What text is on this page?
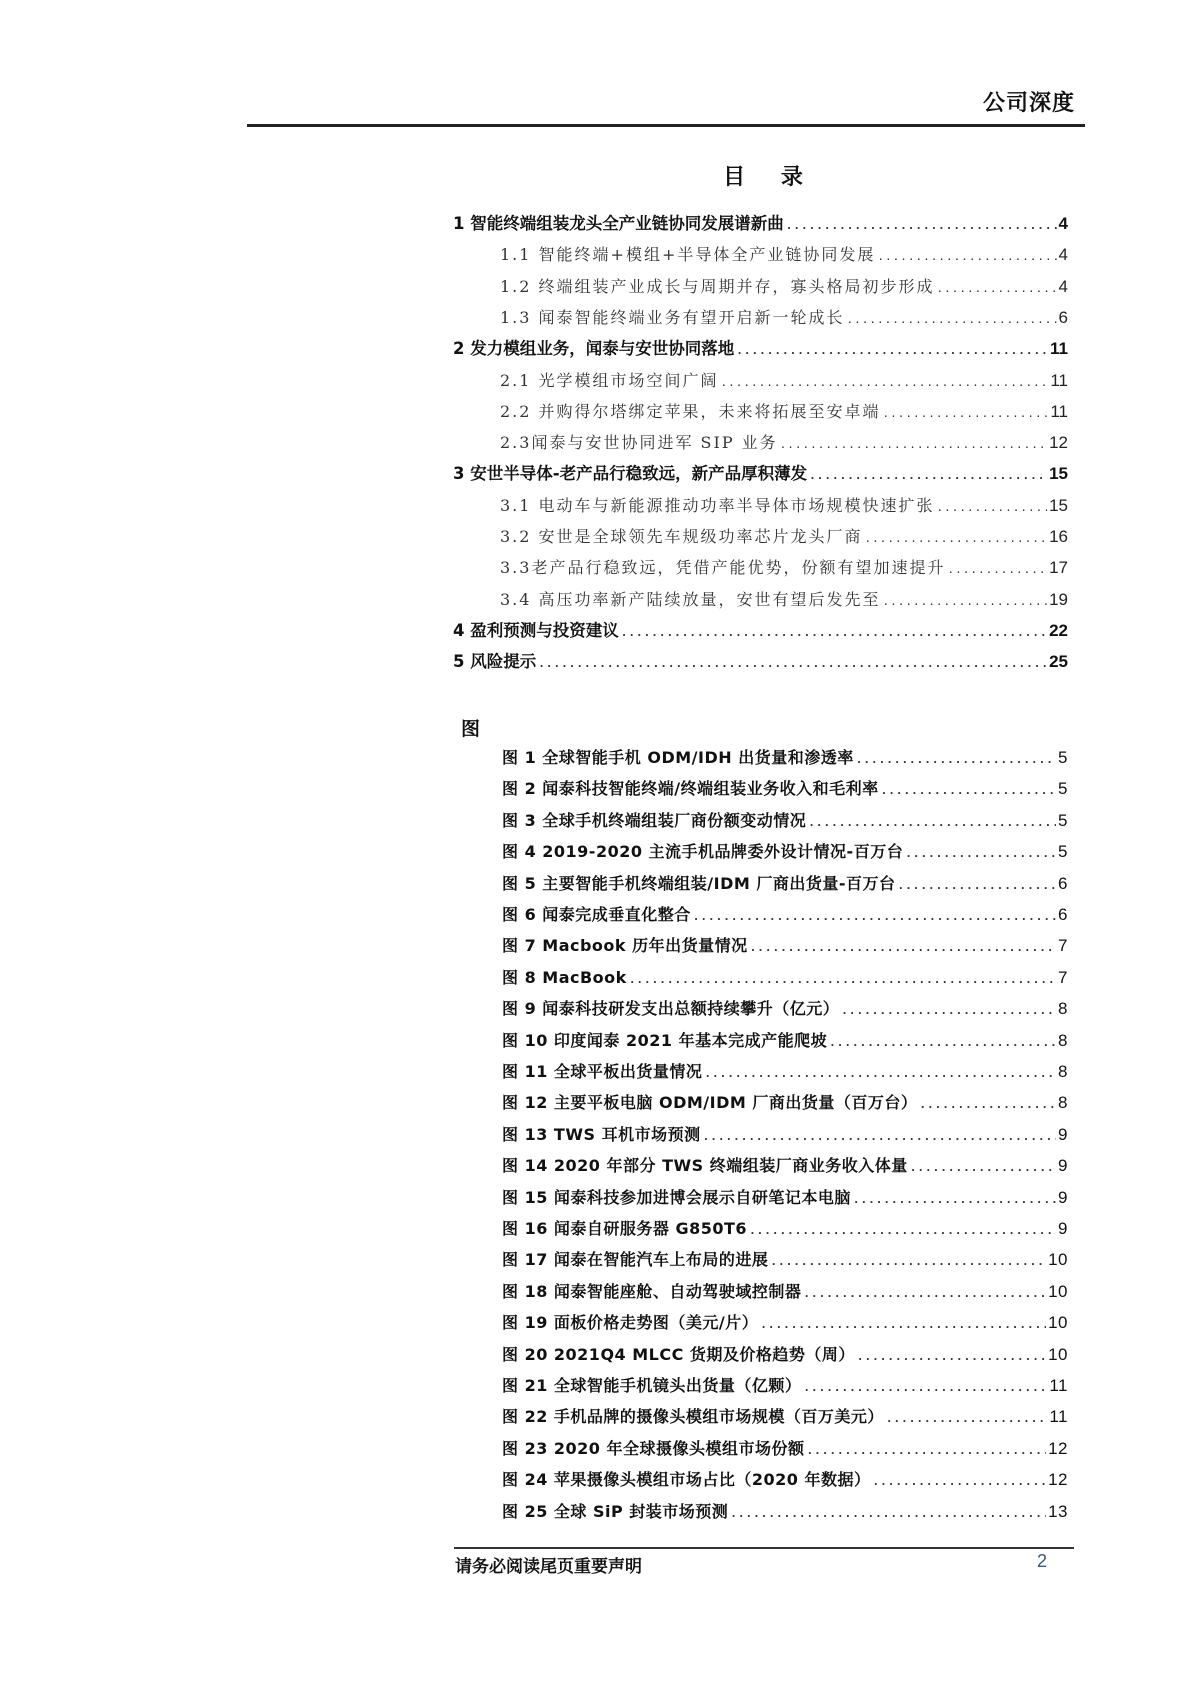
公司深度
目 录
1 智能终端组装龙头全产业链协同发展谱新曲 .....	4
1.1 智能终端+模组+半导体全产业链协同发展 .....	4
1.2 终端组装产业成长与周期并存，寡头格局初步形成 .....	4
1.3 闻泰智能终端业务有望开启新一轮成长 .....	6
2 发力模组业务，闻泰与安世协同落地 .....	11
2.1 光学模组市场空间广阔 .....	11
2.2 并购得尔塔绑定苹果，未来将拓展至安卓端 .....	11
2.3闻泰与安世协同进军 SIP 业务 .....	12
3 安世半导体-老产品行稳致远，新产品厚积薄发 .....	15
3.1 电动车与新能源推动功率半导体市场规模快速扩张 .....	15
3.2 安世是全球领先车规级功率芯片龙头厂商 .....	16
3.3老产品行稳致远，凭借产能优势，份额有望加速提升 .....	17
3.4 高压功率新产陆续放量，安世有望后发先至 .....	19
4 盈利预测与投资建议 .....	22
5 风险提示 .....	25
图
图 1 全球智能手机 ODM/IDH 出货量和渗透率 .....	5
图 2 闻泰科技智能终端/终端组装业务收入和毛利率 .....	5
图 3 全球手机终端组装厂商份额变动情况 .....	5
图 4 2019-2020 主流手机品牌委外设计情况-百万台 .....	5
图 5 主要智能手机终端组装/IDM 厂商出货量-百万台 .....	6
图 6 闻泰完成垂直化整合 .....	6
图 7 Macbook 历年出货量情况 .....	7
图 8 MacBook .....	7
图 9 闻泰科技研发支出总额持续攀升（亿元） .....	8
图 10 印度闻泰 2021 年基本完成产能爬坡 .....	8
图 11 全球平板出货量情况 .....	8
图 12 主要平板电脑 ODM/IDM 厂商出货量（百万台） .....	8
图 13 TWS 耳机市场预测 .....	9
图 14 2020 年部分 TWS 终端组装厂商业务收入体量 .....	9
图 15 闻泰科技参加进博会展示自研笔记本电脑 .....	9
图 16 闻泰自研服务器 G850T6 .....	9
图 17 闻泰在智能汽车上布局的进展 .....	10
图 18 闻泰智能座舱、自动驾驶域控制器 .....	10
图 19 面板价格走势图（美元/片） .....	10
图 20 2021Q4 MLCC 货期及价格趋势（周） .....	10
图 21 全球智能手机镜头出货量（亿颗） .....	11
图 22 手机品牌的摄像头模组市场规模（百万美元） .....	11
图 23 2020 年全球摄像头模组市场份额 .....	12
图 24 苹果摄像头模组市场占比（2020 年数据） .....	12
图 25 全球 SiP 封装市场预测 .....	13
请务必阅读尾页重要声明	2
